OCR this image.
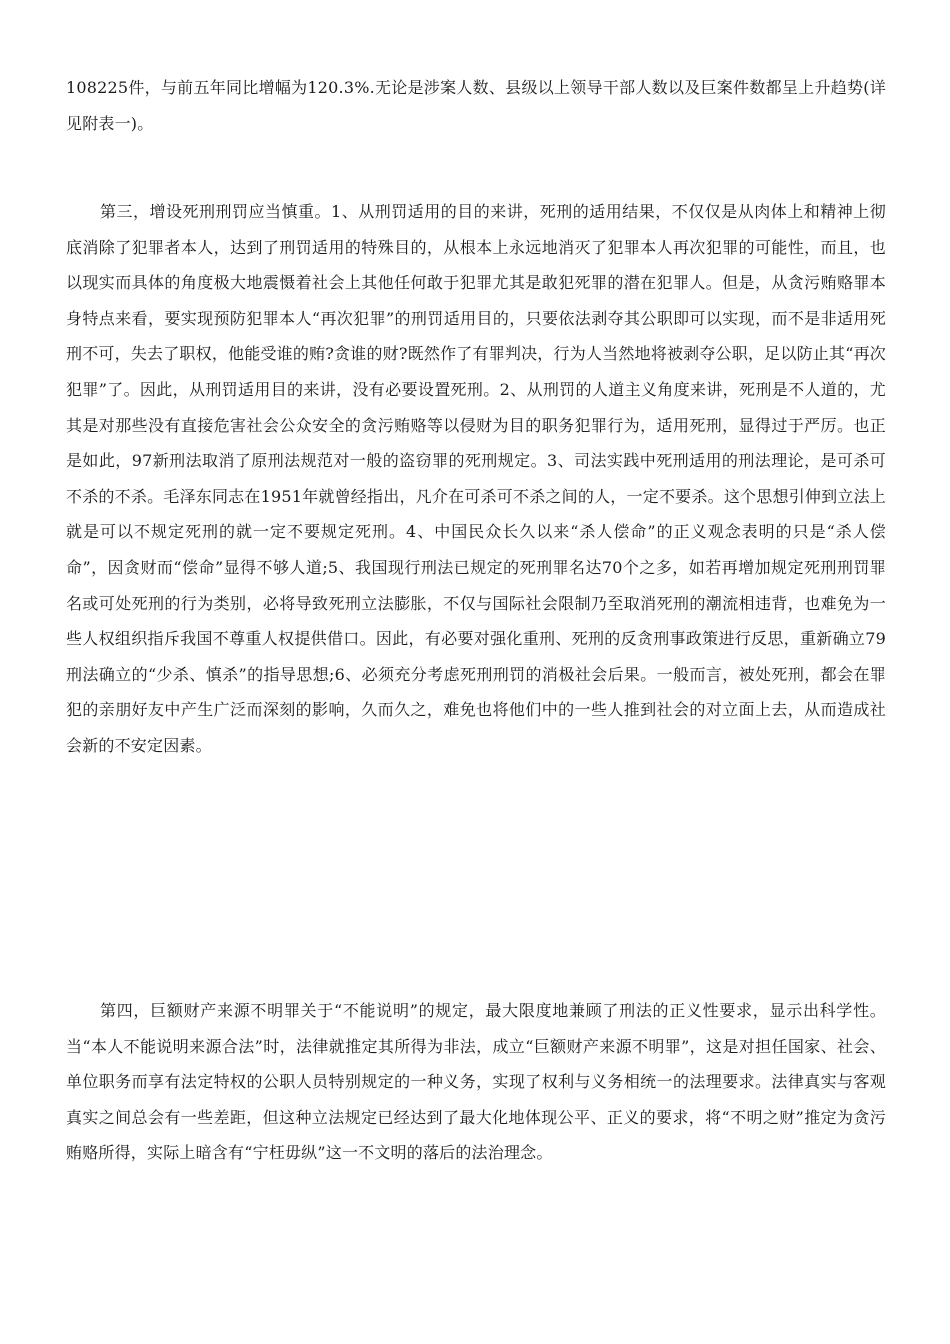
108225件，与前五年同比增幅为120.3%.无论是涉案人数、县级以上领导干部人数以及巨案件数都呈上升趋势(详见附表一)。

第三，增设死刑刑罚应当慎重。1、从刑罚适用的目的来讲，死刑的适用结果，不仅仅是从肉体上和精神上彻底消除了犯罪者本人，达到了刑罚适用的特殊目的，从根本上永远地消灭了犯罪本人再次犯罪的可能性，而且，也以现实而具体的角度极大地震慑着社会上其他任何敢于犯罪尤其是敢犯死罪的潜在犯罪人。但是，从贪污贿赂罪本身特点来看，要实现预防犯罪本人“再次犯罪”的刑罚适用目的，只要依法剥夺其公职即可以实现，而不是非适用死刑不可，失去了职权，他能受谁的贿?贪谁的财?既然作了有罪判决，行为人当然地将被剥夺公职，足以防止其“再次犯罪”了。因此，从刑罚适用目的来讲，没有必要设置死刑。2、从刑罚的人道主义角度来讲，死刑是不人道的，尤其是对那些没有直接危害社会公众安全的贪污贿赂等以侵财为目的职务犯罪行为，适用死刑，显得过于严厉。也正是如此，97新刑法取消了原刑法规范对一般的盗窃罪的死刑规定。3、司法实践中死刑适用的刑法理论，是可杀可不杀的不杀。毛泽东同志在1951年就曾经指出，凡介在可杀可不杀之间的人，一定不要杀。这个思想引伸到立法上就是可以不规定死刑的就一定不要规定死刑。4、中国民众长久以来“杀人偿命”的正义观念表明的只是“杀人偿命”，因贪财而“偿命”显得不够人道;5、我国现行刑法已规定的死刑罪名达70个之多，如若再增加规定死刑刑罚罪名或可处死刑的行为类别，必将导致死刑立法膨胀，不仅与国际社会限制乃至取消死刑的潮流相违背，也难免为一些人权组织指斥我国不尊重人权提供借口。因此，有必要对强化重刑、死刑的反贪刑事政策进行反思，重新确立79刑法确立的“少杀、慎杀”的指导思想;6、必须充分考虑死刑刑罚的消极社会后果。一般而言，被处死刑，都会在罪犯的亲朋好友中产生广泛而深刻的影响，久而久之，难免也将他们中的一些人推到社会的对立面上去，从而造成社会新的不安定因素。

第四，巨额财产来源不明罪关于“不能说明”的规定，最大限度地兼顾了刑法的正义性要求，显示出科学性。当“本人不能说明来源合法”时，法律就推定其所得为非法，成立“巨额财产来源不明罪”，这是对担任国家、社会、单位职务而享有法定特权的公职人员特别规定的一种义务，实现了权利与义务相统一的法理要求。法律真实与客观真实之间总会有一些差距，但这种立法规定已经达到了最大化地体现公平、正义的要求，将“不明之财”推定为贪污贿赂所得，实际上暗含有“宁枉毋纵”这一不文明的落后的法治理念。
